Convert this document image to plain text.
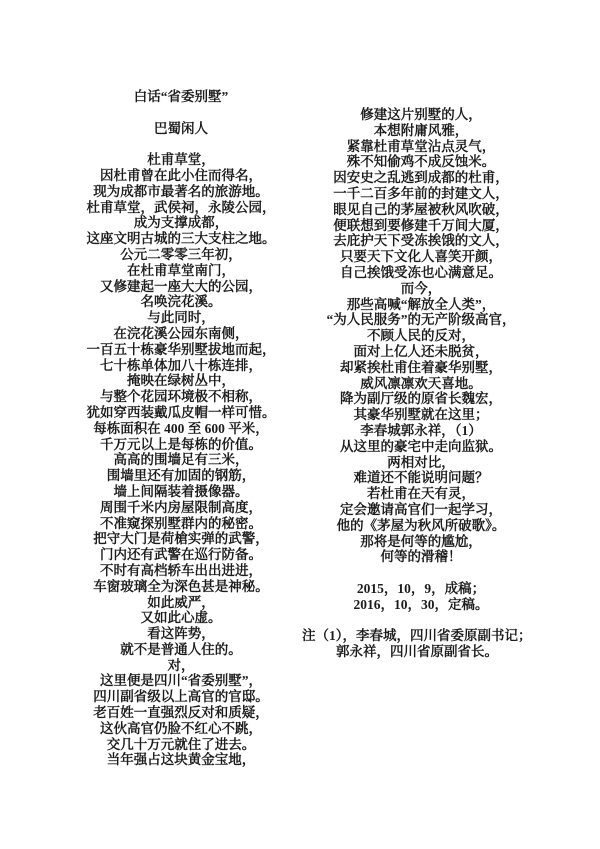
白话“省委别墅”
巴蜀闲人
杜甫草堂，
因杜甫曾在此小住而得名，
现为成都市最著名的旅游地。
杜甫草堂，武侯祠，永陵公园，
成为支撑成都，
这座文明古城的三大支柱之地。
公元二零零三年初，
在杜甫草堂南门，
又修建起一座大大的公园，
名唤浣花溪。
与此同时，
在浣花溪公园东南侧，
一百五十栋豪华别墅拔地而起，
七十栋单体加八十栋连排，
掩映在绿树丛中，
与整个花园环境极不相称，
犹如穿西装戴瓜皮帽一样可惜。
每栋面积在 400 至 600 平米，
千万元以上是每栋的价值。
高高的围墙足有三米，
围墙里还有加固的钢筋，
墙上间隔装着摄像器。
周围千米内房屋限制高度，
不准窥探别墅群内的秘密。
把守大门是荷槍实弹的武警，
门内还有武警在巡行防备。
不时有高档轿车出出进进，
车窗玻璃全为深色甚是神秘。
如此威严，
又如此心虚。
看这阵势，
就不是普通人住的。
对，
这里便是四川“省委别墅”，
四川副省级以上高官的官邸。
老百姓一直强烈反对和质疑，
这伙高官仍脸不红心不跳，
交几十万元就住了进去。
当年强占这块黄金宝地，
修建这片别墅的人，
本想附庸风雅，
紧靠杜甫草堂沾点灵气，
殊不知偷鸡不成反蚀米。
因安史之乱逃到成都的杜甫，
一千二百多年前的封建文人，
眼见自己的茅屋被秋风吹破，
便联想到要修建千万间大厦，
去庇护天下受冻挨饿的文人，
只要天下文化人喜笑开颜，
自己挨饿受冻也心满意足。
而今，
那些高喊“解放全人类”，
“为人民服务”的无产阶级高官，
不顾人民的反对，
面对上亿人还未脱贫，
却紧挨杜甫住着豪华别墅，
威风凛凛欢天喜地。
降为副厅级的原省长魏宏，
其豪华别墅就在这里；
李春城郭永祥，（1）
从这里的豪宅中走向监狱。
两相对比，
难道还不能说明问题？
若杜甫在天有灵，
定会邀请高官们一起学习，
他的《茅屋为秋风所破歌》。
那将是何等的尴尬，
何等的滑稽！
2015，10，9，成稿；
2016，10，30，定稿。
注（1），李春城，四川省委原副书记；
郭永祥，四川省原副省长。
